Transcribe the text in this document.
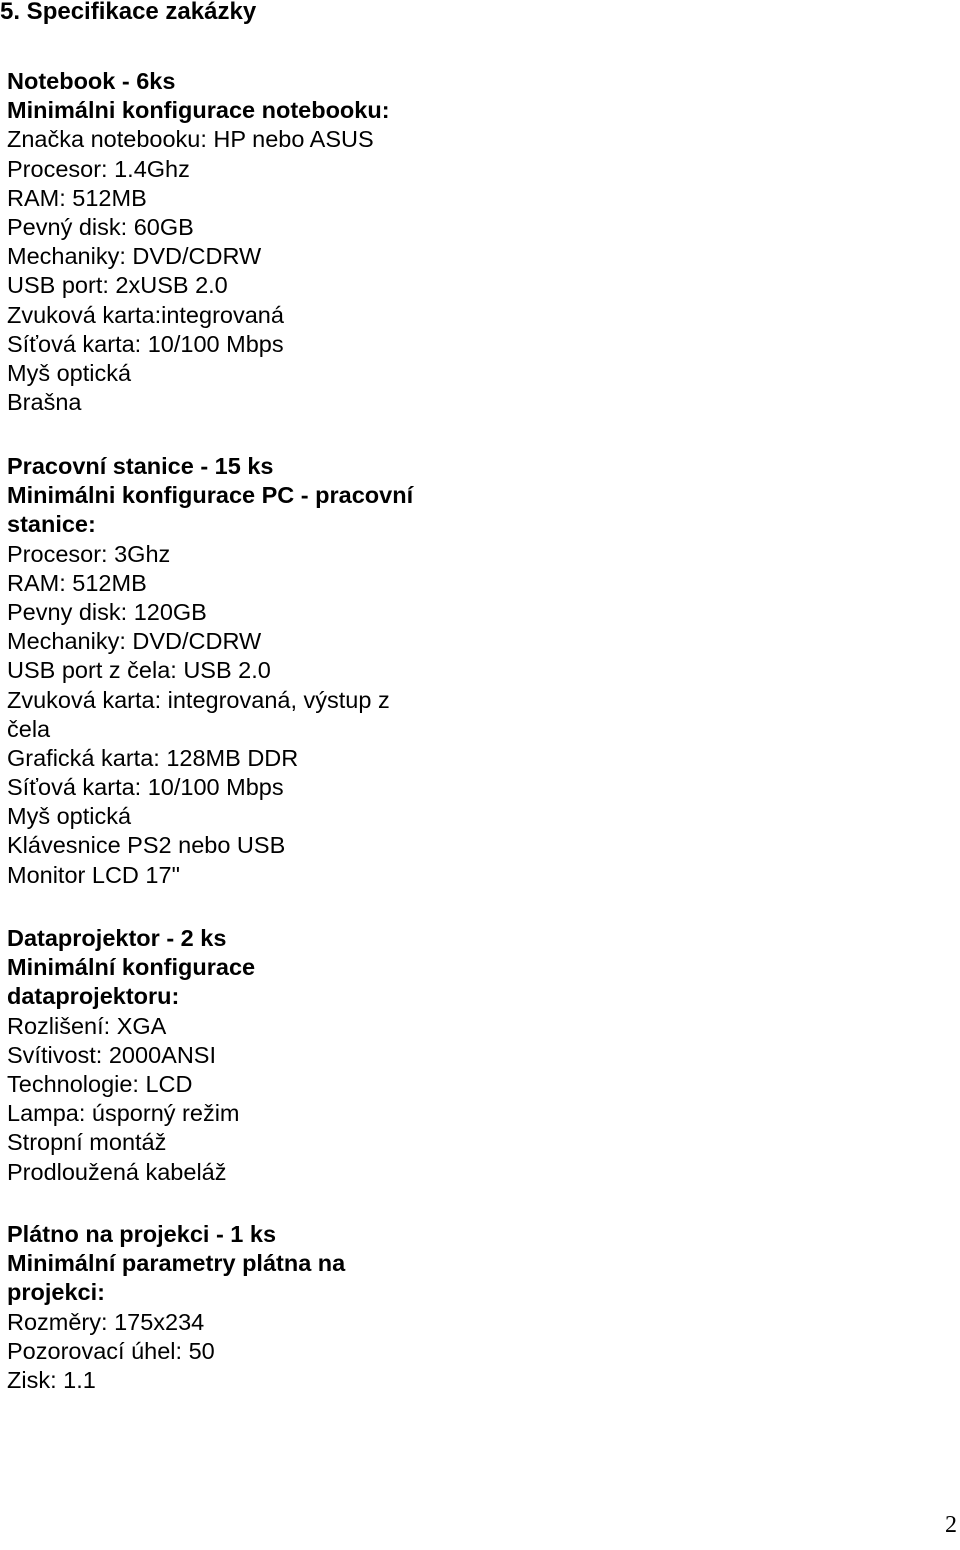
5. Specifikace zakázky
Notebook - 6ks
Minimálni konfigurace notebooku:
Značka notebooku: HP nebo ASUS
Procesor: 1.4Ghz
RAM: 512MB
Pevný disk: 60GB
Mechaniky: DVD/CDRW
USB port: 2xUSB 2.0
Zvuková karta:integrovaná
Síťová karta: 10/100 Mbps
Myš optická
Brašna
Pracovní stanice - 15 ks
Minimálni konfigurace PC - pracovní
stanice:
Procesor: 3Ghz
RAM: 512MB
Pevny disk: 120GB
Mechaniky: DVD/CDRW
USB port z čela: USB 2.0
Zvuková karta: integrovaná, výstup z
čela
Grafická karta: 128MB DDR
Síťová karta: 10/100 Mbps
Myš optická
Klávesnice PS2 nebo USB
Monitor LCD 17"
Dataprojektor - 2 ks
Minimální konfigurace
dataprojektoru:
Rozlišení: XGA
Svítivost: 2000ANSI
Technologie: LCD
Lampa: úsporný režim
Stropní montáž
Prodloužená kabeláž
Plátno na projekci - 1 ks
Minimální parametry plátna na
projekci:
Rozměry: 175x234
Pozorovací úhel: 50
Zisk: 1.1
2
